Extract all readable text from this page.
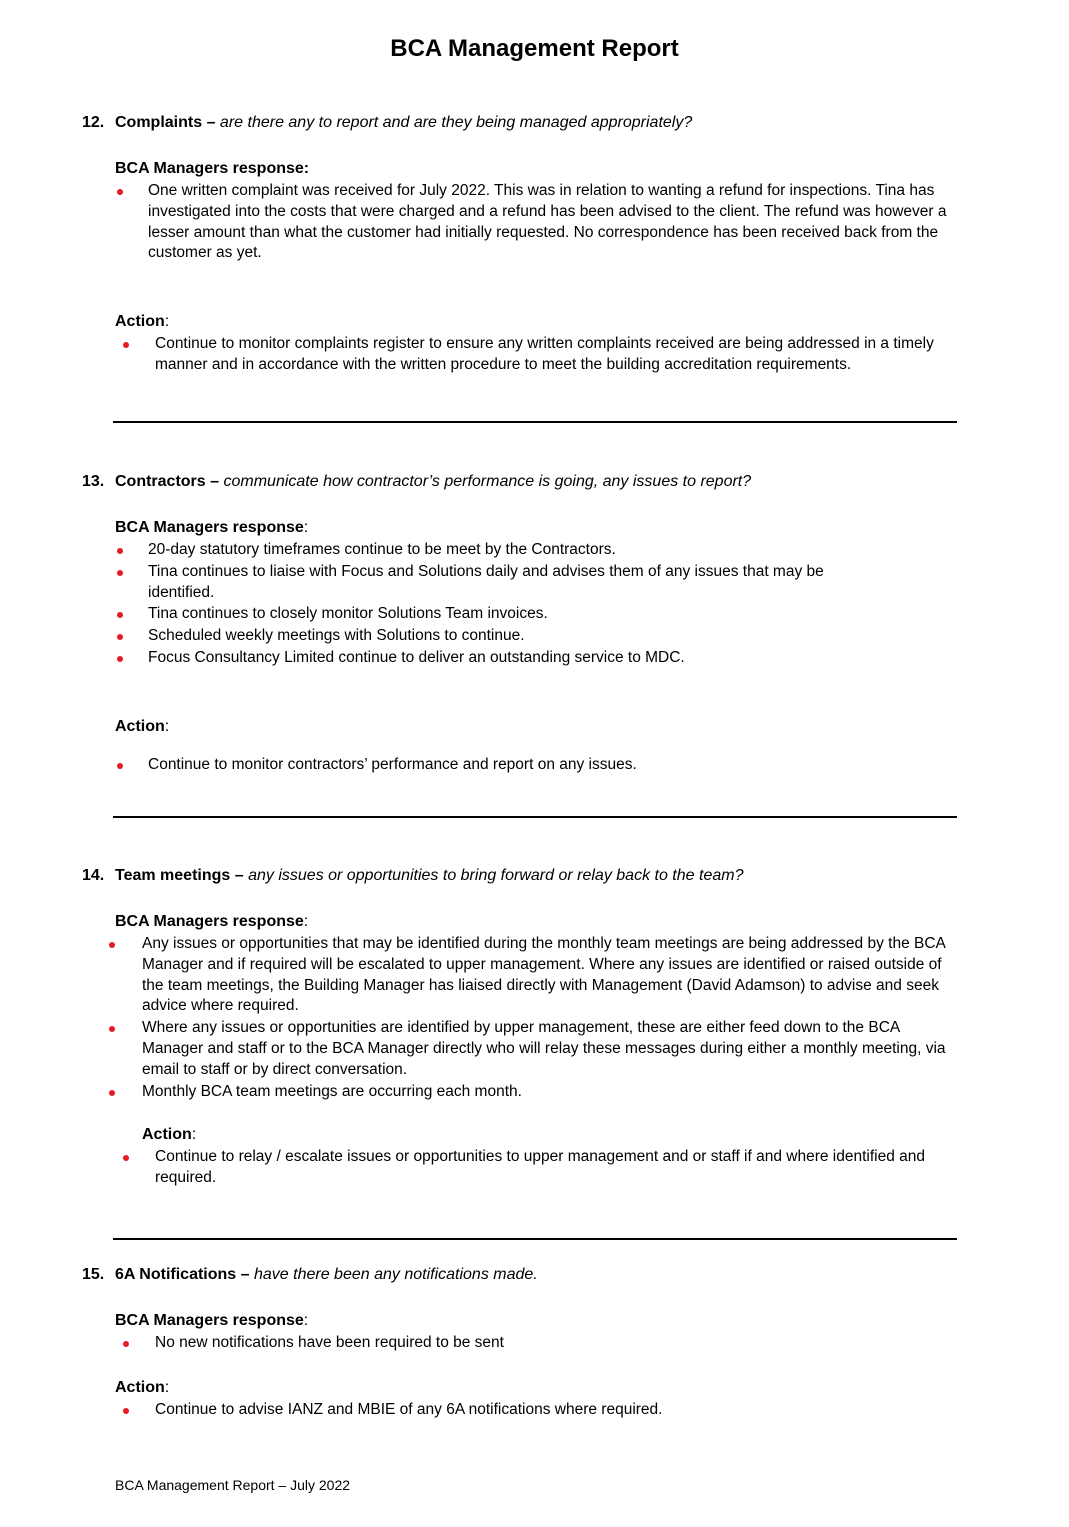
BCA Management Report
12. Complaints – are there any to report and are they being managed appropriately?
BCA Managers response:
One written complaint was received for July 2022. This was in relation to wanting a refund for inspections. Tina has investigated into the costs that were charged and a refund has been advised to the client. The refund was however a lesser amount than what the customer had initially requested. No correspondence has been received back from the customer as yet.
Action:
Continue to monitor complaints register to ensure any written complaints received are being addressed in a timely manner and in accordance with the written procedure to meet the building accreditation requirements.
13. Contractors – communicate how contractor’s performance is going, any issues to report?
BCA Managers response:
20-day statutory timeframes continue to be meet by the Contractors.
Tina continues to liaise with Focus and Solutions daily and advises them of any issues that may be identified.
Tina continues to closely monitor Solutions Team invoices.
Scheduled weekly meetings with Solutions to continue.
Focus Consultancy Limited continue to deliver an outstanding service to MDC.
Action:
Continue to monitor contractors’ performance and report on any issues.
14. Team meetings – any issues or opportunities to bring forward or relay back to the team?
BCA Managers response:
Any issues or opportunities that may be identified during the monthly team meetings are being addressed by the BCA Manager and if required will be escalated to upper management. Where any issues are identified or raised outside of the team meetings, the Building Manager has liaised directly with Management (David Adamson) to advise and seek advice where required.
Where any issues or opportunities are identified by upper management, these are either feed down to the BCA Manager and staff or to the BCA Manager directly who will relay these messages during either a monthly meeting, via email to staff or by direct conversation.
Monthly BCA team meetings are occurring each month.
Action:
Continue to relay / escalate issues or opportunities to upper management and or staff if and where identified and required.
15. 6A Notifications – have there been any notifications made.
BCA Managers response:
No new notifications have been required to be sent
Action:
Continue to advise IANZ and MBIE of any 6A notifications where required.
BCA Management Report – July 2022
